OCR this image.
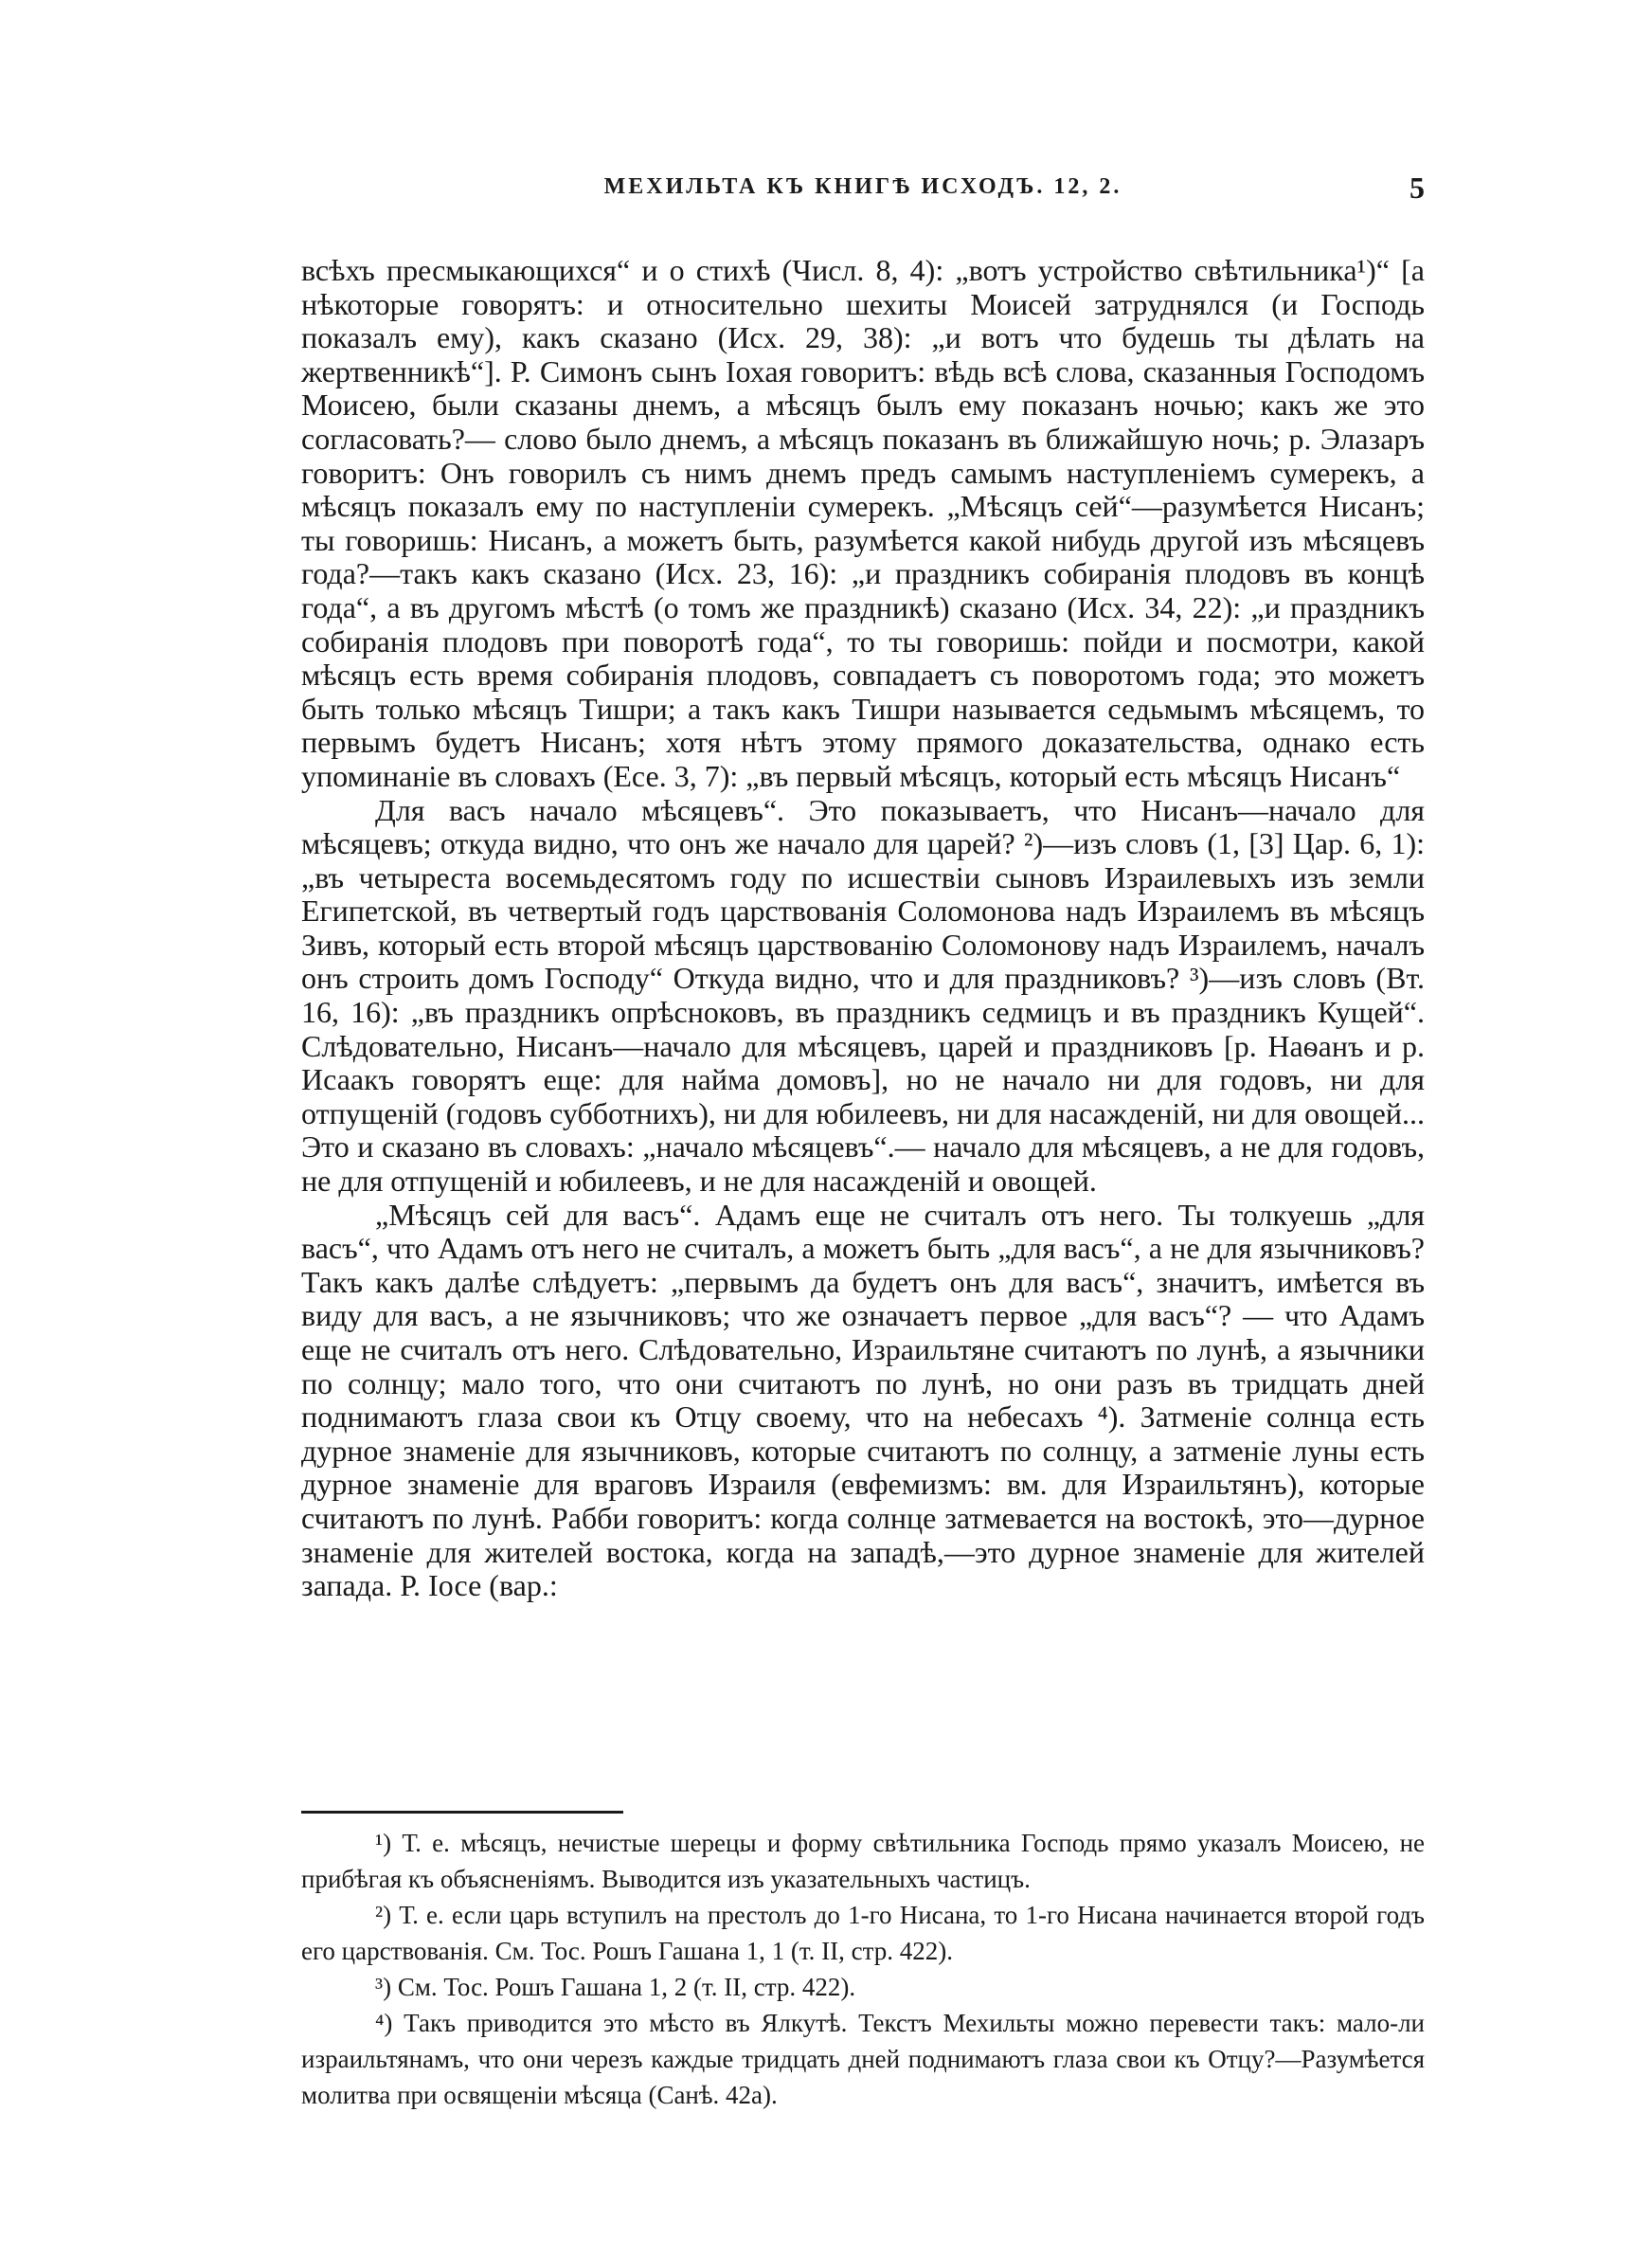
МЕХИЛЬТА КЪ КНИГѢ ИСХОДЪ. 12, 2.	5

всѣхъ пресмыкающихся“ и о стихѣ (Числ. 8, 4): „вотъ устройство свѣтильника¹)“ [а нѣкоторые говорятъ: и относительно шехиты Моисей затруднялся (и Господь показалъ ему), какъ сказано (Исх. 29, 38): „и вотъ что будешь ты дѣлать на жертвенникѣ“]. Р. Симонъ сынъ Іохая говоритъ: вѣдь всѣ слова, сказанныя Господомъ Моисею, были сказаны днемъ, а мѣсяцъ былъ ему показанъ ночью; какъ же это согласовать?— слово было днемъ, а мѣсяцъ показанъ въ ближайшую ночь; р. Элазаръ говоритъ: Онъ говорилъ съ нимъ днемъ предъ самымъ наступленіемъ сумерекъ, а мѣсяцъ показалъ ему по наступленіи сумерекъ. „Мѣсяцъ сей“—разумѣется Нисанъ; ты говоришь: Нисанъ, а можетъ быть, разумѣется какой нибудь другой изъ мѣсяцевъ года?—такъ какъ сказано (Исх. 23, 16): „и праздникъ собиранія плодовъ въ концѣ года“, а въ другомъ мѣстѣ (о томъ же праздникѣ) сказано (Исх. 34, 22): „и праздникъ собиранія плодовъ при поворотѣ года“, то ты говоришь: пойди и посмотри, какой мѣсяцъ есть время собиранія плодовъ, совпадаетъ съ поворотомъ года; это можетъ быть только мѣсяцъ Тишри; а такъ какъ Тишри называется седьмымъ мѣсяцемъ, то первымъ будетъ Нисанъ; хотя нѣтъ этому прямого доказательства, однако есть упоминаніе въ словахъ (Есе. 3, 7): „въ первый мѣсяцъ, который есть мѣсяцъ Нисанъ“

Для васъ начало мѣсяцевъ“. Это показываетъ, что Нисанъ—начало для мѣсяцевъ; откуда видно, что онъ же начало для царей? ²)—изъ словъ (1, [3] Цар. 6, 1): „въ четыреста восемьдесятомъ году по исшествіи сыновъ Израилевыхъ изъ земли Египетской, въ четвертый годъ царствованія Соломонова надъ Израилемъ въ мѣсяцъ Зивъ, который есть второй мѣсяцъ царствованію Соломонову надъ Израилемъ, началъ онъ строить домъ Господу“ Откуда видно, что и для праздниковъ? ³)—изъ словъ (Вт. 16, 16): „въ праздникъ опрѣсноковъ, въ праздникъ седмицъ и въ праздникъ Кущей“. Слѣдовательно, Нисанъ—начало для мѣсяцевъ, царей и праздниковъ [р. Наѳанъ и р. Исаакъ говорятъ еще: для найма домовъ], но не начало ни для годовъ, ни для отпущеній (годовъ субботнихъ), ни для юбилеевъ, ни для насажденій, ни для овощей... Это и сказано въ словахъ: „начало мѣсяцевъ“.— начало для мѣсяцевъ, а не для годовъ, не для отпущеній и юбилеевъ, и не для насажденій и овощей.

„Мѣсяцъ сей для васъ“. Адамъ еще не считалъ отъ него. Ты толкуешь „для васъ“, что Адамъ отъ него не считалъ, а можетъ быть „для васъ“, а не для язычниковъ? Такъ какъ далѣе слѣдуетъ: „первымъ да будетъ онъ для васъ“, значитъ, имѣется въ виду для васъ, а не язычниковъ; что же означаетъ первое „для васъ“? — что Адамъ еще не считалъ отъ него. Слѣдовательно, Израильтяне считаютъ по лунѣ, а язычники по солнцу; мало того, что они считаютъ по лунѣ, но они разъ въ тридцать дней поднимаютъ глаза свои къ Отцу своему, что на небесахъ ⁴). Затменіе солнца есть дурное знаменіе для язычниковъ, которые считаютъ по солнцу, а затменіе луны есть дурное знаменіе для враговъ Израиля (евфемизмъ: вм. для Израильтянъ), которые считаютъ по лунѣ. Рабби говоритъ: когда солнце затмевается на востокѣ, это—дурное знаменіе для жителей востока, когда на западѣ,—это дурное знаменіе для жителей запада. Р. Іосе (вар.:

¹) Т. е. мѣсяцъ, нечистые шерецы и форму свѣтильника Господь прямо указалъ Моисею, не прибѣгая къ объясненіямъ. Выводится изъ указательныхъ частицъ.

²) Т. е. если царь вступилъ на престолъ до 1-го Нисана, то 1-го Нисана начинается второй годъ его царствованія. См. Тос. Рошъ Гашана 1, 1 (т. II, стр. 422).

³) См. Тос. Рошъ Гашана 1, 2 (т. II, стр. 422).

⁴) Такъ приводится это мѣсто въ Ялкутѣ. Текстъ Мехильты можно перевести такъ: мало-ли израильтянамъ, что они черезъ каждые тридцать дней поднимаютъ глаза свои къ Отцу?—Разумѣется молитва при освященіи мѣсяца (Санѣ. 42а).
